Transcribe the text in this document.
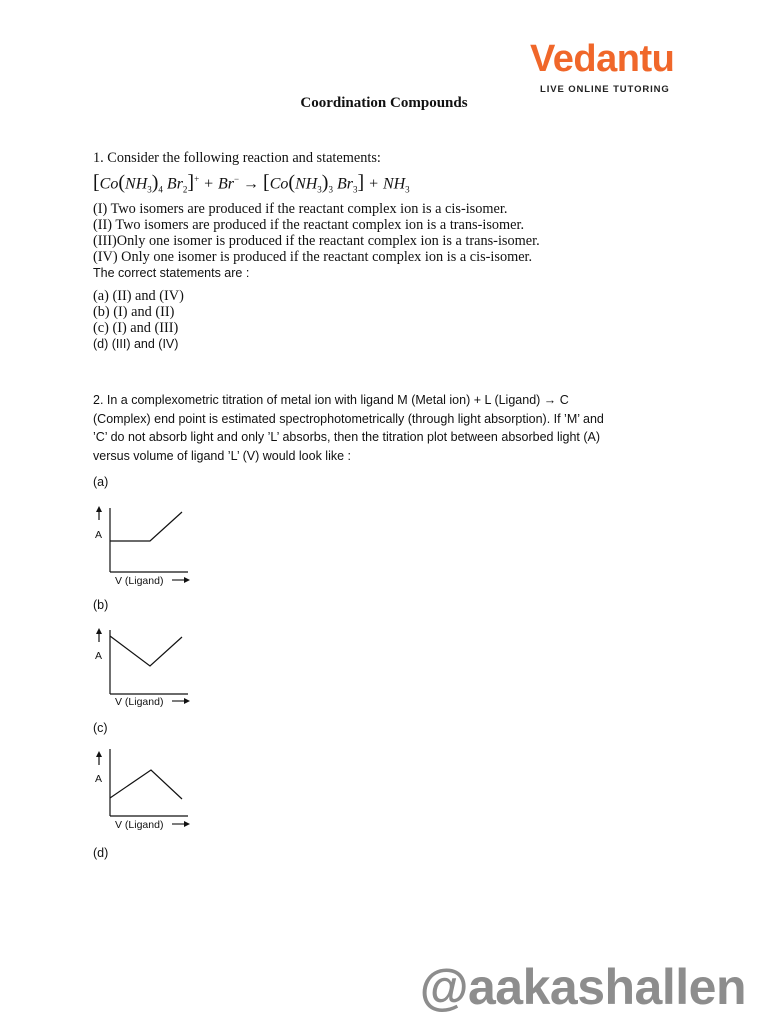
Vedantu
LIVE ONLINE TUTORING
Coordination Compounds
1. Consider the following reaction and statements:
[$Co(NH_3)_4$ $Br_2]^+ + Br^- \to [Co(NH_3)_3$ $Br_3] + NH_3$
(I) Two isomers are produced if the reactant complex ion is a cis-isomer.
(II) Two isomers are produced if the reactant complex ion is a trans-isomer.
(III)Only one isomer is produced if the reactant complex ion is a trans-isomer.
(IV) Only one isomer is produced if the reactant complex ion is a cis-isomer.
The correct statements are :
(a) (II) and (IV)
(b) (I) and (II)
(c) (I) and (III)
(d) (III) and (IV)
2. In a complexometric titration of metal ion with ligand M (Metal ion) + L (Ligand) → C
(Complex) end point is estimated spectrophotometrically (through light absorption). If ’M’ and
’C’ do not absorb light and only ’L’ absorbs, then the titration plot between absorbed light (A)
versus volume of ligand ’L’ (V) would look like :
(a)
A
V (Ligand)
(b)
A
V (Ligand)
(c)
A
V (Ligand)
(d)
@aakashallen
